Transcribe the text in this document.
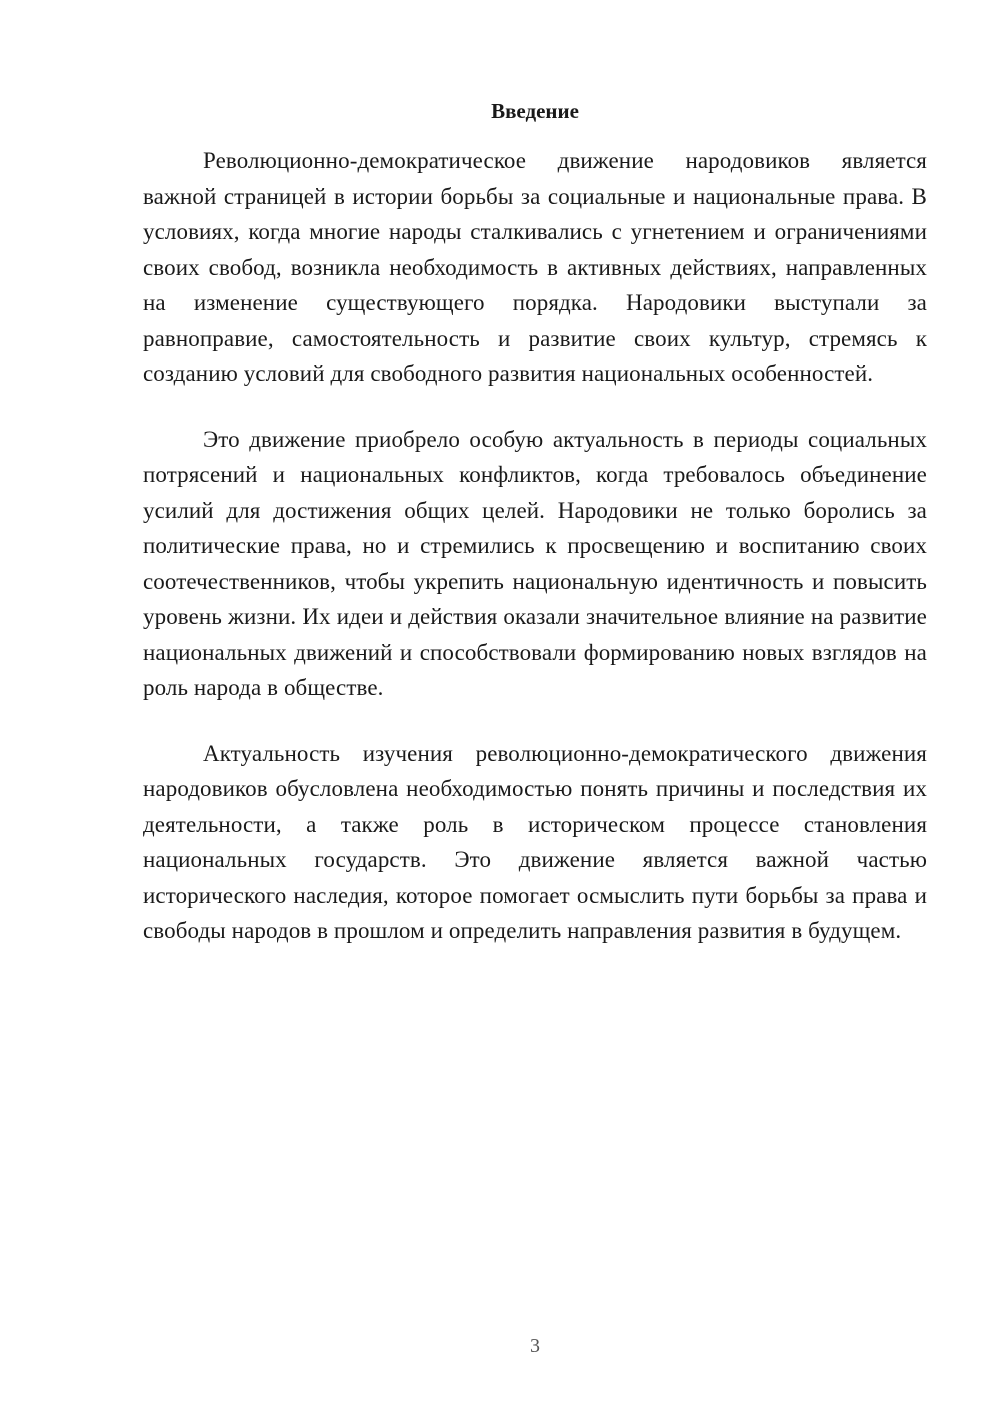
Введение

Революционно-демократическое движение народовиков является важной страницей в истории борьбы за социальные и национальные права. В условиях, когда многие народы сталкивались с угнетением и ограничениями своих свобод, возникла необходимость в активных действиях, направленных на изменение существующего порядка. Народовики выступали за равноправие, самостоятельность и развитие своих культур, стремясь к созданию условий для свободного развития национальных особенностей.

Это движение приобрело особую актуальность в периоды социальных потрясений и национальных конфликтов, когда требовалось объединение усилий для достижения общих целей. Народовики не только боролись за политические права, но и стремились к просвещению и воспитанию своих соотечественников, чтобы укрепить национальную идентичность и повысить уровень жизни. Их идеи и действия оказали значительное влияние на развитие национальных движений и способствовали формированию новых взглядов на роль народа в обществе.

Актуальность изучения революционно-демократического движения народовиков обусловлена необходимостью понять причины и последствия их деятельности, а также роль в историческом процессе становления национальных государств. Это движение является важной частью исторического наследия, которое помогает осмыслить пути борьбы за права и свободы народов в прошлом и определить направления развития в будущем.

3
